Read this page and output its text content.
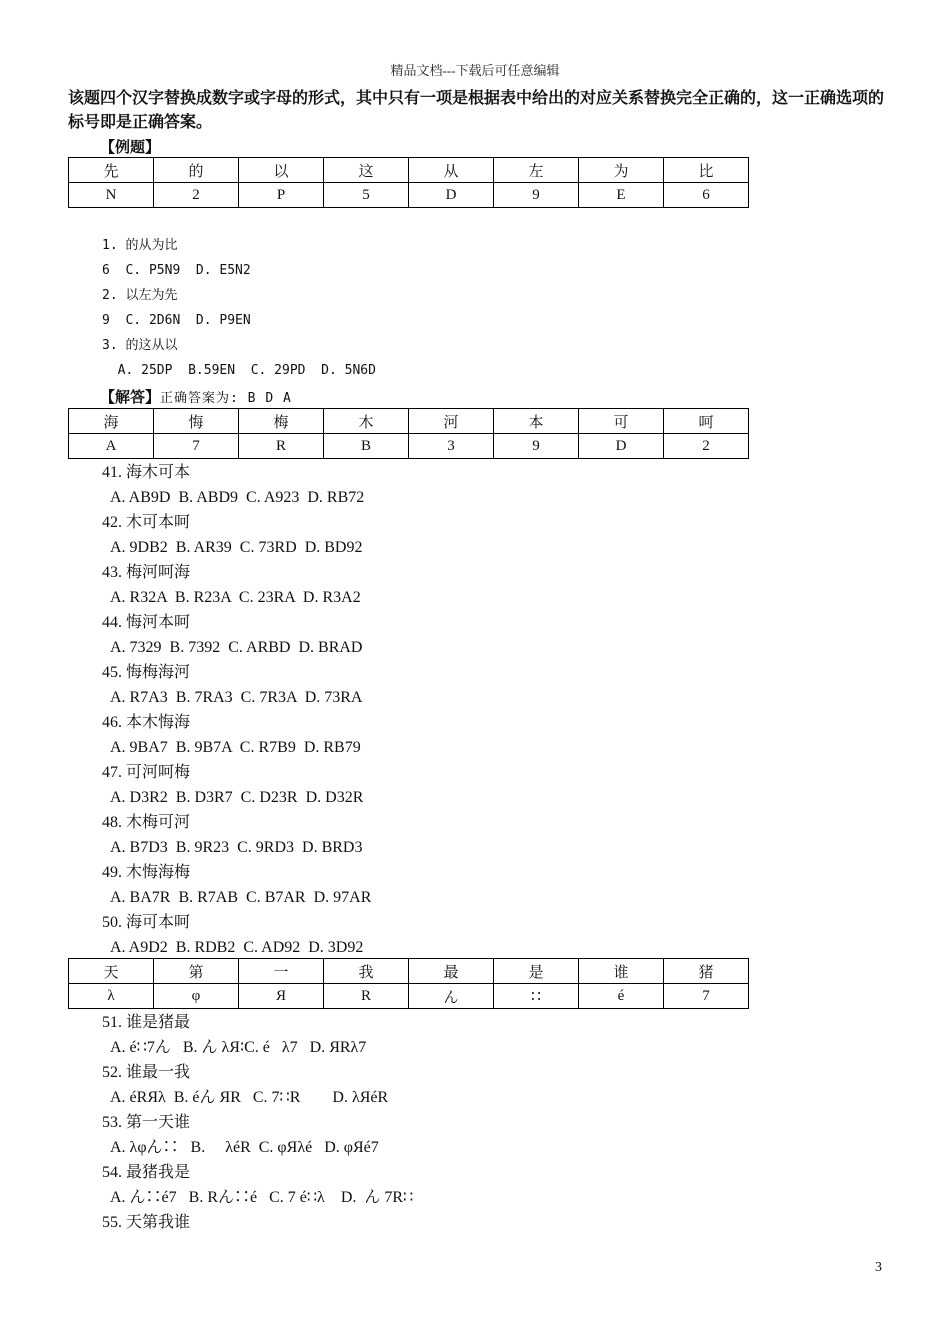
精品文档---下载后可任意编辑
该题四个汉字替换成数字或字母的形式，其中只有一项是根据表中给出的对应关系替换完全正确的，这一正确选项的标号即是正确答案。
【例题】
先	的	以	这	从	左	为	比
N	2	P	5	D	9	E	6
1. 的从为比
6  C. P5N9  D. E5N2
2. 以左为先
9  C. 2D6N  D. P9EN
3. 的这从以
A. 25DP  B.59EN  C. 29PD  D. 5N6D
【解答】正确答案为: B D A
海	悔	梅	木	河	本	可	呵
A	7	R	B	3	9	D	2
41. 海木可本
A. AB9D  B. ABD9  C. A923  D. RB72
42. 木可本呵
A. 9DB2  B. AR39  C. 73RD  D. BD92
43. 梅河呵海
A. R32A  B. R23A  C. 23RA  D. R3A2
44. 悔河本呵
A. 7329  B. 7392  C. ARBD  D. BRAD
45. 悔梅海河
A. R7A3  B. 7RA3  C. 7R3A  D. 73RA
46. 本木悔海
A. 9BA7  B. 9B7A  C. R7B9  D. RB79
47. 可河呵梅
A. D3R2  B. D3R7  C. D23R  D. D32R
48. 木梅可河
A. B7D3  B. 9R23  C. 9RD3  D. BRD3
49. 木悔海梅
A. BA7R  B. R7AB  C. B7AR  D. 97AR
50. 海可本呵
A. A9D2  B. RDB2  C. AD92  D. 3D92
天	第	一	我	最	是	谁	猪
λ	φ	Я	R	ん	∷	é	7
51. 谁是猪最
A. é∷7ん   B. ん λЯ∶C. é   λ7   D. ЯRλ7
52. 谁最一我
A. éRЯλ  B. éん ЯR   C. 7∷R        D. λЯéR
53. 第一天谁
A. λφん∷   B.     λéR  C. φЯλé   D. φЯé7
54. 最猪我是
A. ん∷é7   B. Rん∷é   C. 7 é∷λ    D.  ん 7R∷
55. 天第我谁
3
